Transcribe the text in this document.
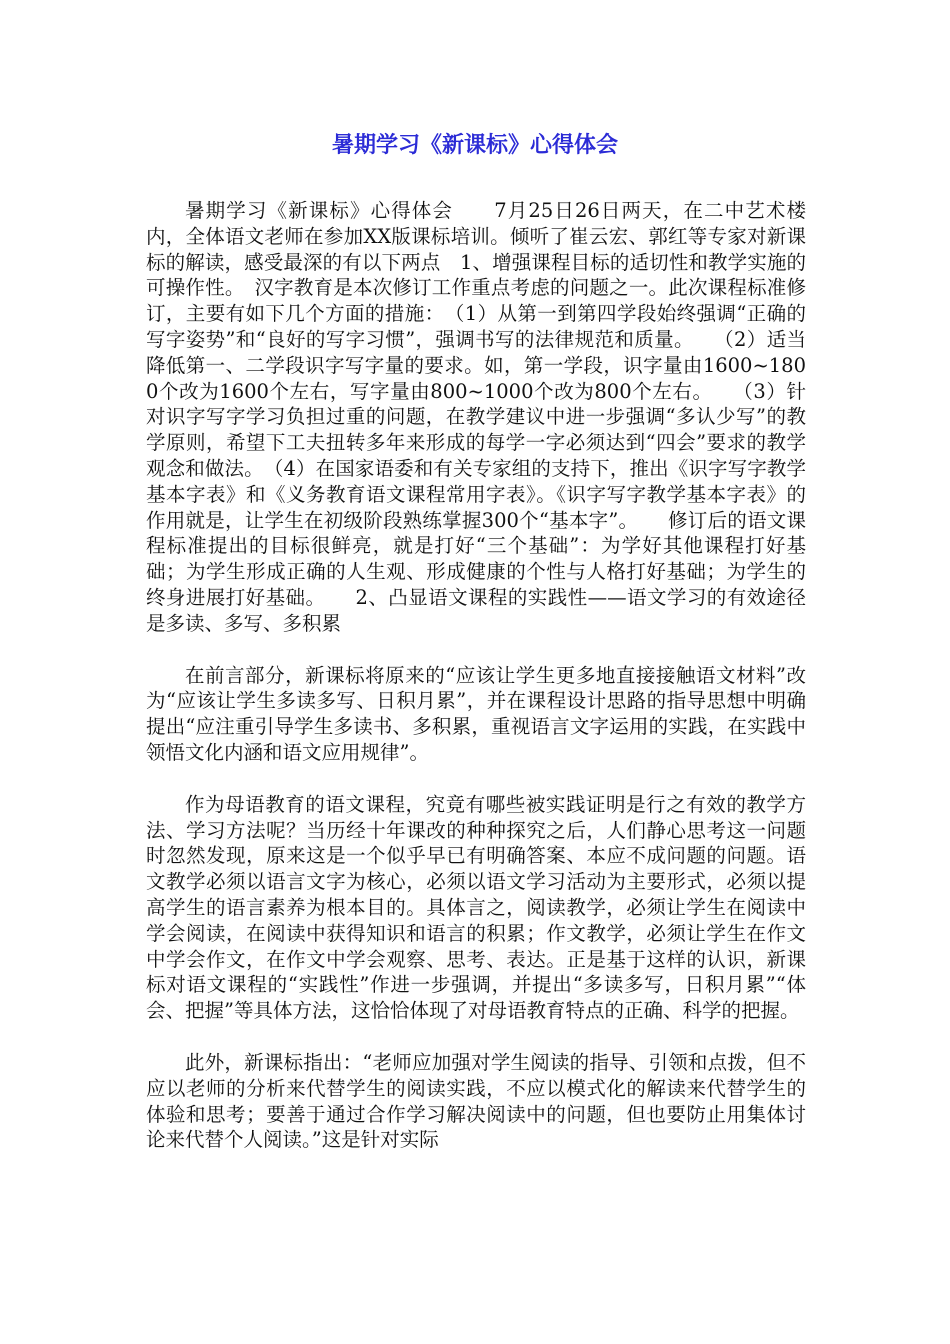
暑期学习《新课标》心得体会

暑期学习《新课标》心得体会　　7月25日26日两天，在二中艺术楼内，全体语文老师在参加XX版课标培训。倾听了崔云宏、郭红等专家对新课标的解读，感受最深的有以下两点　1、增强课程目标的适切性和教学实施的可操作性。　汉字教育是本次修订工作重点考虑的问题之一。此次课程标准修订，主要有如下几个方面的措施：　（1）从第一到第四学段始终强调“正确的写字姿势”和“良好的写字习惯”，强调书写的法律规范和质量。　　（2）适当降低第一、二学段识字写字量的要求。如，第一学段，识字量由1600~1800个改为1600个左右，写字量由800~1000个改为800个左右。　　（3）针对识字写字学习负担过重的问题，在教学建议中进一步强调“多认少写”的教学原则，希望下工夫扭转多年来形成的每学一字必须达到“四会”要求的教学观念和做法。　（4）在国家语委和有关专家组的支持下，推出《识字写字教学基本字表》和《义务教育语文课程常用字表》。《识字写字教学基本字表》的作用就是，让学生在初级阶段熟练掌握300个“基本字”。　　修订后的语文课程标准提出的目标很鲜亮，就是打好“三个基础”：为学好其他课程打好基础；为学生形成正确的人生观、形成健康的个性与人格打好基础；为学生的终身进展打好基础。　　2、凸显语文课程的实践性——语文学习的有效途径是多读、多写、多积累

在前言部分，新课标将原来的“应该让学生更多地直接接触语文材料”改为“应该让学生多读多写、日积月累”，并在课程设计思路的指导思想中明确提出“应注重引导学生多读书、多积累，重视语言文字运用的实践，在实践中领悟文化内涵和语文应用规律”。

作为母语教育的语文课程，究竟有哪些被实践证明是行之有效的教学方法、学习方法呢？当历经十年课改的种种探究之后，人们静心思考这一问题时忽然发现，原来这是一个似乎早已有明确答案、本应不成问题的问题。语文教学必须以语言文字为核心，必须以语文学习活动为主要形式，必须以提高学生的语言素养为根本目的。具体言之，阅读教学，必须让学生在阅读中学会阅读，在阅读中获得知识和语言的积累；作文教学，必须让学生在作文中学会作文，在作文中学会观察、思考、表达。正是基于这样的认识，新课标对语文课程的“实践性”作进一步强调，并提出“多读多写，日积月累”“体会、把握”等具体方法，这恰恰体现了对母语教育特点的正确、科学的把握。

此外，新课标指出：“老师应加强对学生阅读的指导、引领和点拨，但不应以老师的分析来代替学生的阅读实践，不应以模式化的解读来代替学生的体验和思考；要善于通过合作学习解决阅读中的问题，但也要防止用集体讨论来代替个人阅读。”这是针对实际
